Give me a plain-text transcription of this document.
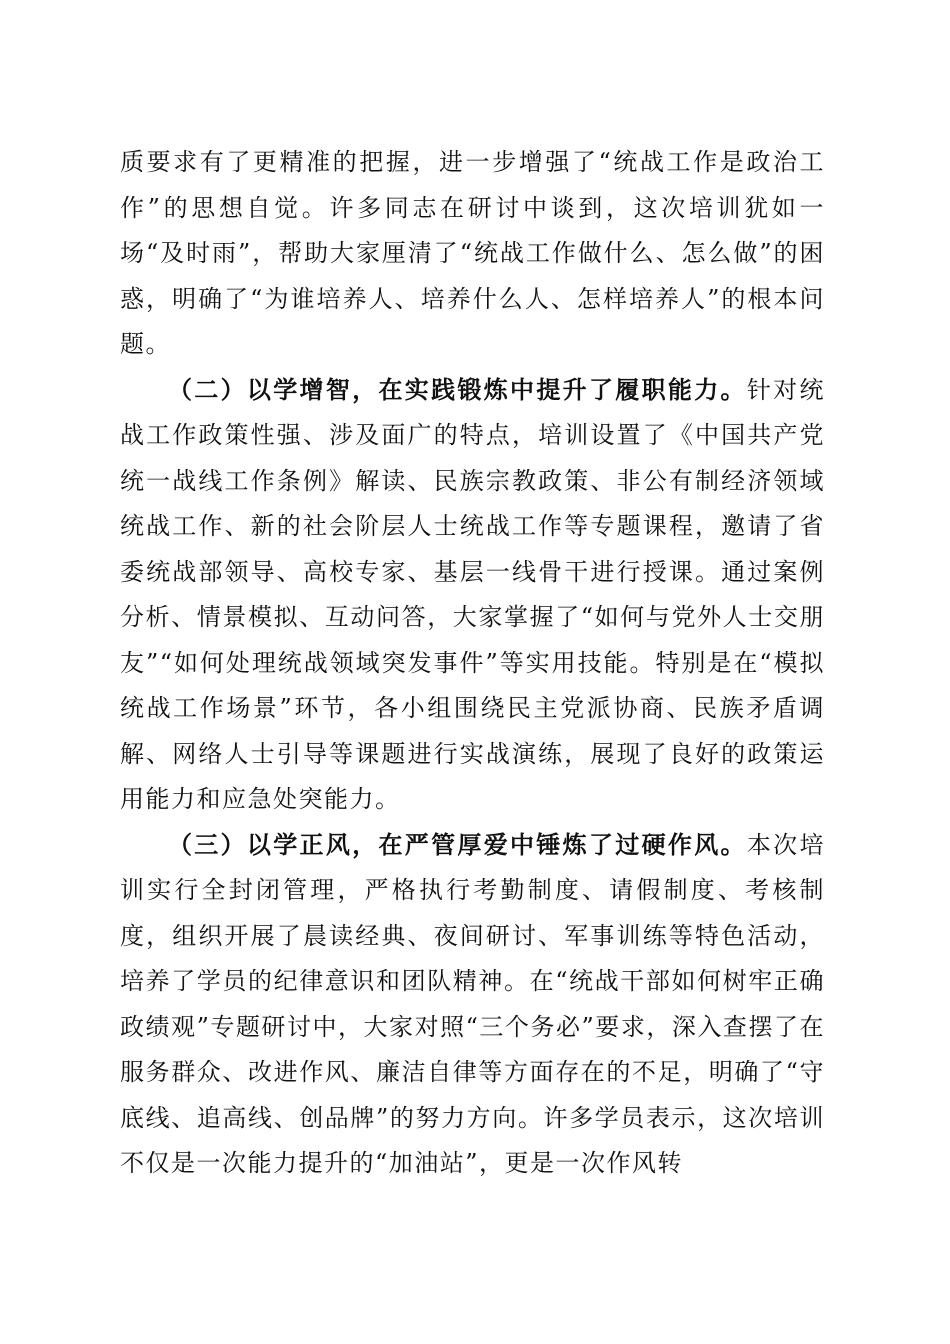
质要求有了更精准的把握，进一步增强了“统战工作是政治工作”的思想自觉。许多同志在研讨中谈到，这次培训犹如一场“及时雨”，帮助大家厘清了“统战工作做什么、怎么做”的困惑，明确了“为谁培养人、培养什么人、怎样培养人”的根本问题。

（二）以学增智，在实践锻炼中提升了履职能力。针对统战工作政策性强、涉及面广的特点，培训设置了《中国共产党统一战线工作条例》解读、民族宗教政策、非公有制经济领域统战工作、新的社会阶层人士统战工作等专题课程，邀请了省委统战部领导、高校专家、基层一线骨干进行授课。通过案例分析、情景模拟、互动问答，大家掌握了“如何与党外人士交朋友”“如何处理统战领域突发事件”等实用技能。特别是在“模拟统战工作场景”环节，各小组围绕民主党派协商、民族矛盾调解、网络人士引导等课题进行实战演练，展现了良好的政策运用能力和应急处突能力。

（三）以学正风，在严管厚爱中锤炼了过硬作风。本次培训实行全封闭管理，严格执行考勤制度、请假制度、考核制度，组织开展了晨读经典、夜间研讨、军事训练等特色活动，培养了学员的纪律意识和团队精神。在“统战干部如何树牢正确政绩观”专题研讨中，大家对照“三个务必”要求，深入查摆了在服务群众、改进作风、廉洁自律等方面存在的不足，明确了“守底线、追高线、创品牌”的努力方向。许多学员表示，这次培训不仅是一次能力提升的“加油站”，更是一次作风转
